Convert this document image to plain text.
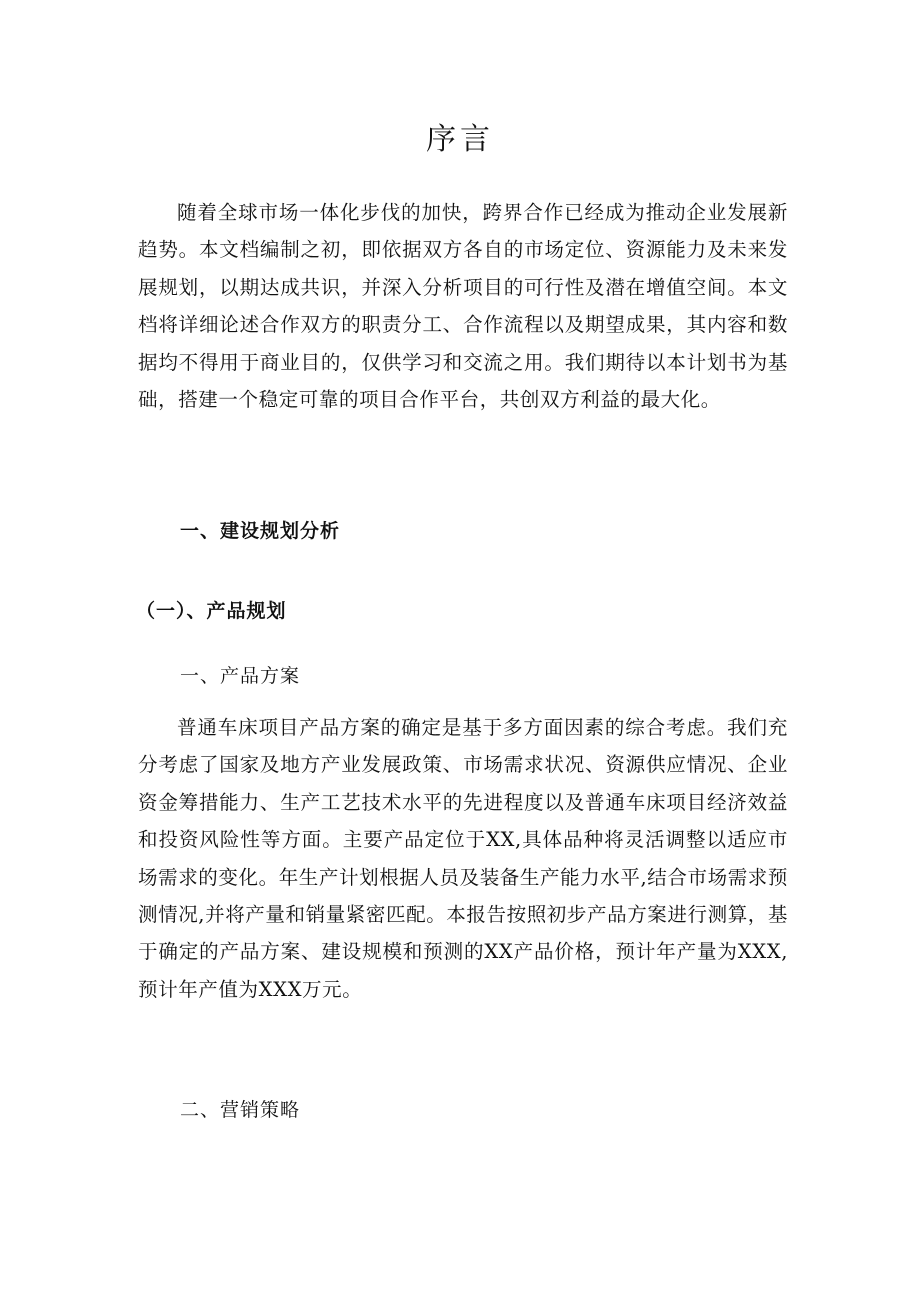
序言

随着全球市场一体化步伐的加快，跨界合作已经成为推动企业发展新趋势。本文档编制之初，即依据双方各自的市场定位、资源能力及未来发展规划，以期达成共识，并深入分析项目的可行性及潜在增值空间。本文档将详细论述合作双方的职责分工、合作流程以及期望成果，其内容和数据均不得用于商业目的，仅供学习和交流之用。我们期待以本计划书为基础，搭建一个稳定可靠的项目合作平台，共创双方利益的最大化。

一、建设规划分析
（一）、产品规划
一、产品方案

普通车床项目产品方案的确定是基于多方面因素的综合考虑。我们充分考虑了国家及地方产业发展政策、市场需求状况、资源供应情况、企业资金筹措能力、生产工艺技术水平的先进程度以及普通车床项目经济效益和投资风险性等方面。主要产品定位于XX,具体品种将灵活调整以适应市场需求的变化。年生产计划根据人员及装备生产能力水平,结合市场需求预测情况,并将产量和销量紧密匹配。本报告按照初步产品方案进行测算，基于确定的产品方案、建设规模和预测的XX产品价格，预计年产量为XXX,预计年产值为XXX万元。

二、营销策略
